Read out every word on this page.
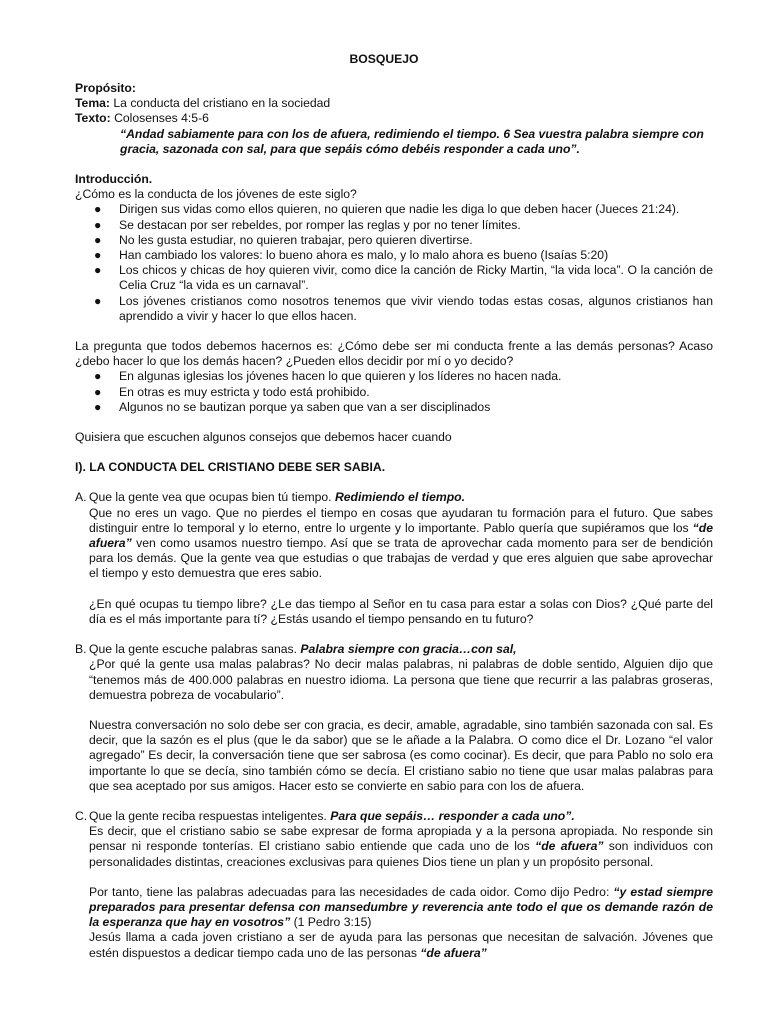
BOSQUEJO

Propósito:

Tema: La conducta del cristiano en la sociedad

Texto: Colosenses 4:5-6

“Andad sabiamente para con los de afuera, redimiendo el tiempo. 6 Sea vuestra palabra siempre con gracia, sazonada con sal, para que sepáis cómo debéis responder a cada uno”.

Introducción.

¿Cómo es la conducta de los jóvenes de este siglo?

● Dirigen sus vidas como ellos quieren, no quieren que nadie les diga lo que deben hacer (Jueces 21:24).
● Se destacan por ser rebeldes, por romper las reglas y por no tener límites.
● No les gusta estudiar, no quieren trabajar, pero quieren divertirse.
● Han cambiado los valores: lo bueno ahora es malo, y lo malo ahora es bueno (Isaías 5:20)
● Los chicos y chicas de hoy quieren vivir, como dice la canción de Ricky Martin, “la vida loca”. O la canción de Celia Cruz “la vida es un carnaval”.
● Los jóvenes cristianos como nosotros tenemos que vivir viendo todas estas cosas, algunos cristianos han aprendido a vivir y hacer lo que ellos hacen.

La pregunta que todos debemos hacernos es: ¿Cómo debe ser mi conducta frente a las demás personas? Acaso ¿debo hacer lo que los demás hacen? ¿Pueden ellos decidir por mí o yo decido?

● En algunas iglesias los jóvenes hacen lo que quieren y los líderes no hacen nada.
● En otras es muy estricta y todo está prohibido.
● Algunos no se bautizan porque ya saben que van a ser disciplinados

Quisiera que escuchen algunos consejos que debemos hacer cuando

I). LA CONDUCTA DEL CRISTIANO DEBE SER SABIA.

A. Que la gente vea que ocupas bien tú tiempo. Redimiendo el tiempo.

Que no eres un vago. Que no pierdes el tiempo en cosas que ayudaran tu formación para el futuro. Que sabes distinguir entre lo temporal y lo eterno, entre lo urgente y lo importante. Pablo quería que supiéramos que los “de afuera” ven como usamos nuestro tiempo. Así que se trata de aprovechar cada momento para ser de bendición para los demás. Que la gente vea que estudias o que trabajas de verdad y que eres alguien que sabe aprovechar el tiempo y esto demuestra que eres sabio.

¿En qué ocupas tu tiempo libre? ¿Le das tiempo al Señor en tu casa para estar a solas con Dios? ¿Qué parte del día es el más importante para tí? ¿Estás usando el tiempo pensando en tu futuro?

B. Que la gente escuche palabras sanas. Palabra siempre con gracia…con sal,

¿Por qué la gente usa malas palabras? No decir malas palabras, ni palabras de doble sentido, Alguien dijo que “tenemos más de 400.000 palabras en nuestro idioma. La persona que tiene que recurrir a las palabras groseras, demuestra pobreza de vocabulario”.

Nuestra conversación no solo debe ser con gracia, es decir, amable, agradable, sino también sazonada con sal. Es decir, que la sazón es el plus (que le da sabor) que se le añade a la Palabra. O como dice el Dr. Lozano “el valor agregado” Es decir, la conversación tiene que ser sabrosa (es como cocinar). Es decir, que para Pablo no solo era importante lo que se decía, sino también cómo se decía. El cristiano sabio no tiene que usar malas palabras para que sea aceptado por sus amigos. Hacer esto se convierte en sabio para con los de afuera.

C. Que la gente reciba respuestas inteligentes. Para que sepáis… responder a cada uno”.

Es decir, que el cristiano sabio se sabe expresar de forma apropiada y a la persona apropiada. No responde sin pensar ni responde tonterías. El cristiano sabio entiende que cada uno de los “de afuera” son individuos con personalidades distintas, creaciones exclusivas para quienes Dios tiene un plan y un propósito personal.

Por tanto, tiene las palabras adecuadas para las necesidades de cada oidor. Como dijo Pedro: “y estad siempre preparados para presentar defensa con mansedumbre y reverencia ante todo el que os demande razón de la esperanza que hay en vosotros” (1 Pedro 3:15)

Jesús llama a cada joven cristiano a ser de ayuda para las personas que necesitan de salvación. Jóvenes que estén dispuestos a dedicar tiempo cada uno de las personas “de afuera”
